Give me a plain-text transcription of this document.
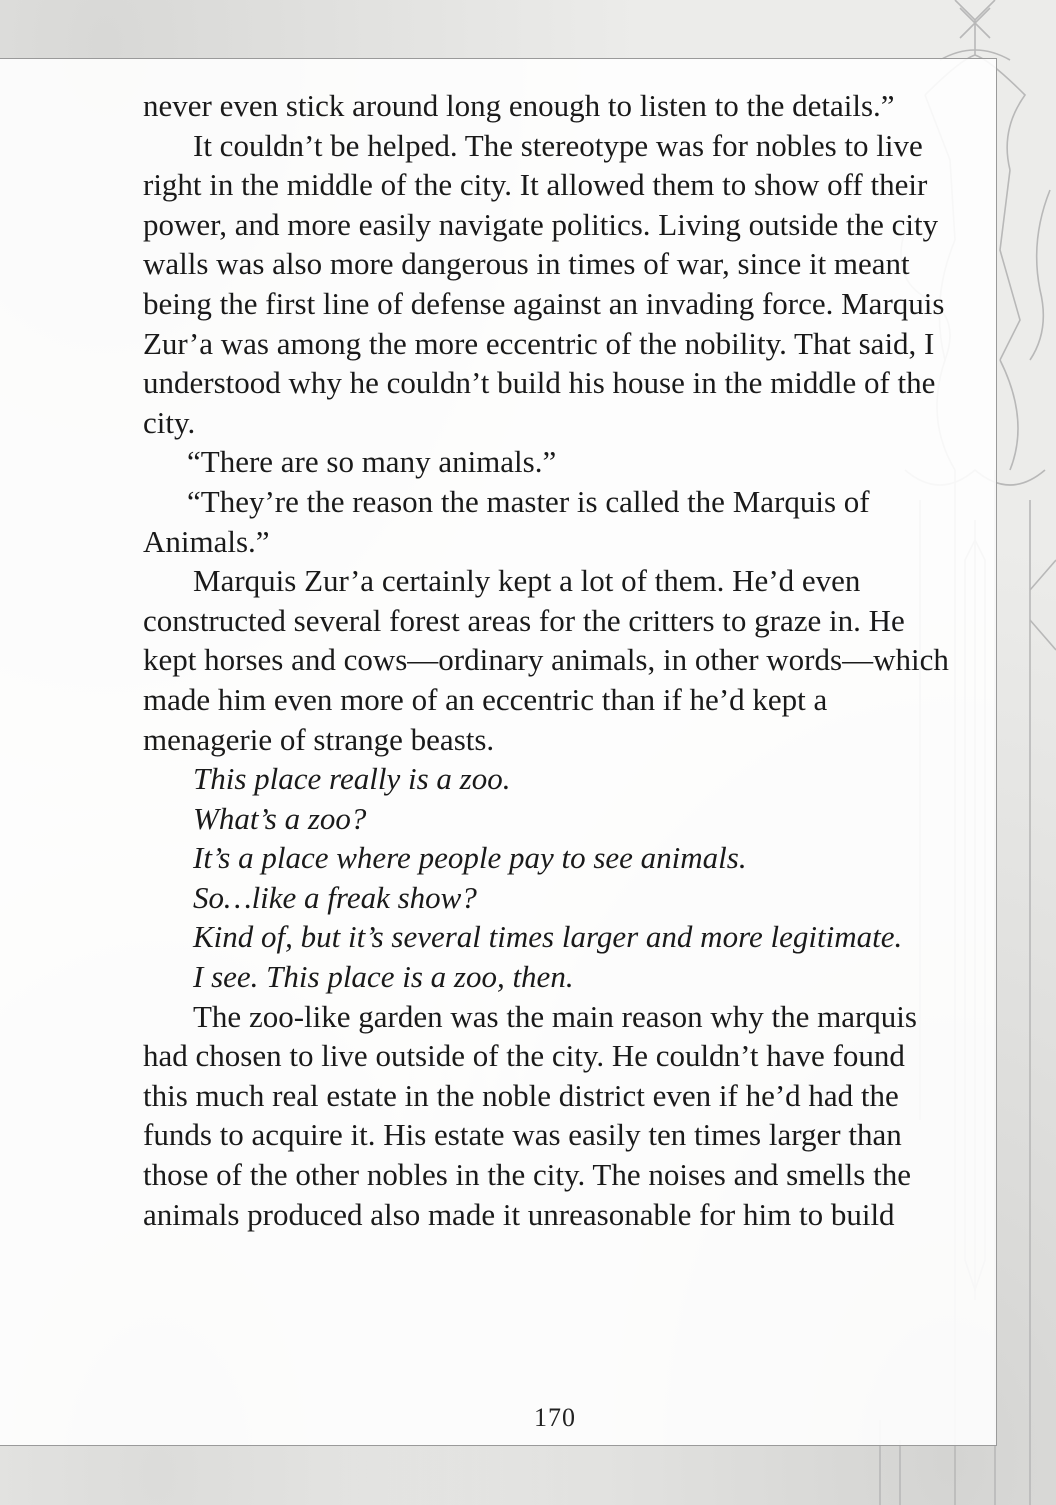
never even stick around long enough to listen to the details.”

It couldn’t be helped. The stereotype was for nobles to live right in the middle of the city. It allowed them to show off their power, and more easily navigate politics. Living outside the city walls was also more dangerous in times of war, since it meant being the first line of defense against an invading force. Marquis Zur’a was among the more eccentric of the nobility. That said, I understood why he couldn’t build his house in the middle of the city.

“There are so many animals.”

“They’re the reason the master is called the Marquis of Animals.”

Marquis Zur’a certainly kept a lot of them. He’d even constructed several forest areas for the critters to graze in. He kept horses and cows—ordinary animals, in other words—which made him even more of an eccentric than if he’d kept a menagerie of strange beasts.

This place really is a zoo.

What’s a zoo?

It’s a place where people pay to see animals.

So…like a freak show?

Kind of, but it’s several times larger and more legitimate.

I see. This place is a zoo, then.

The zoo-like garden was the main reason why the marquis had chosen to live outside of the city. He couldn’t have found this much real estate in the noble district even if he’d had the funds to acquire it. His estate was easily ten times larger than those of the other nobles in the city. The noises and smells the animals produced also made it unreasonable for him to build

170
